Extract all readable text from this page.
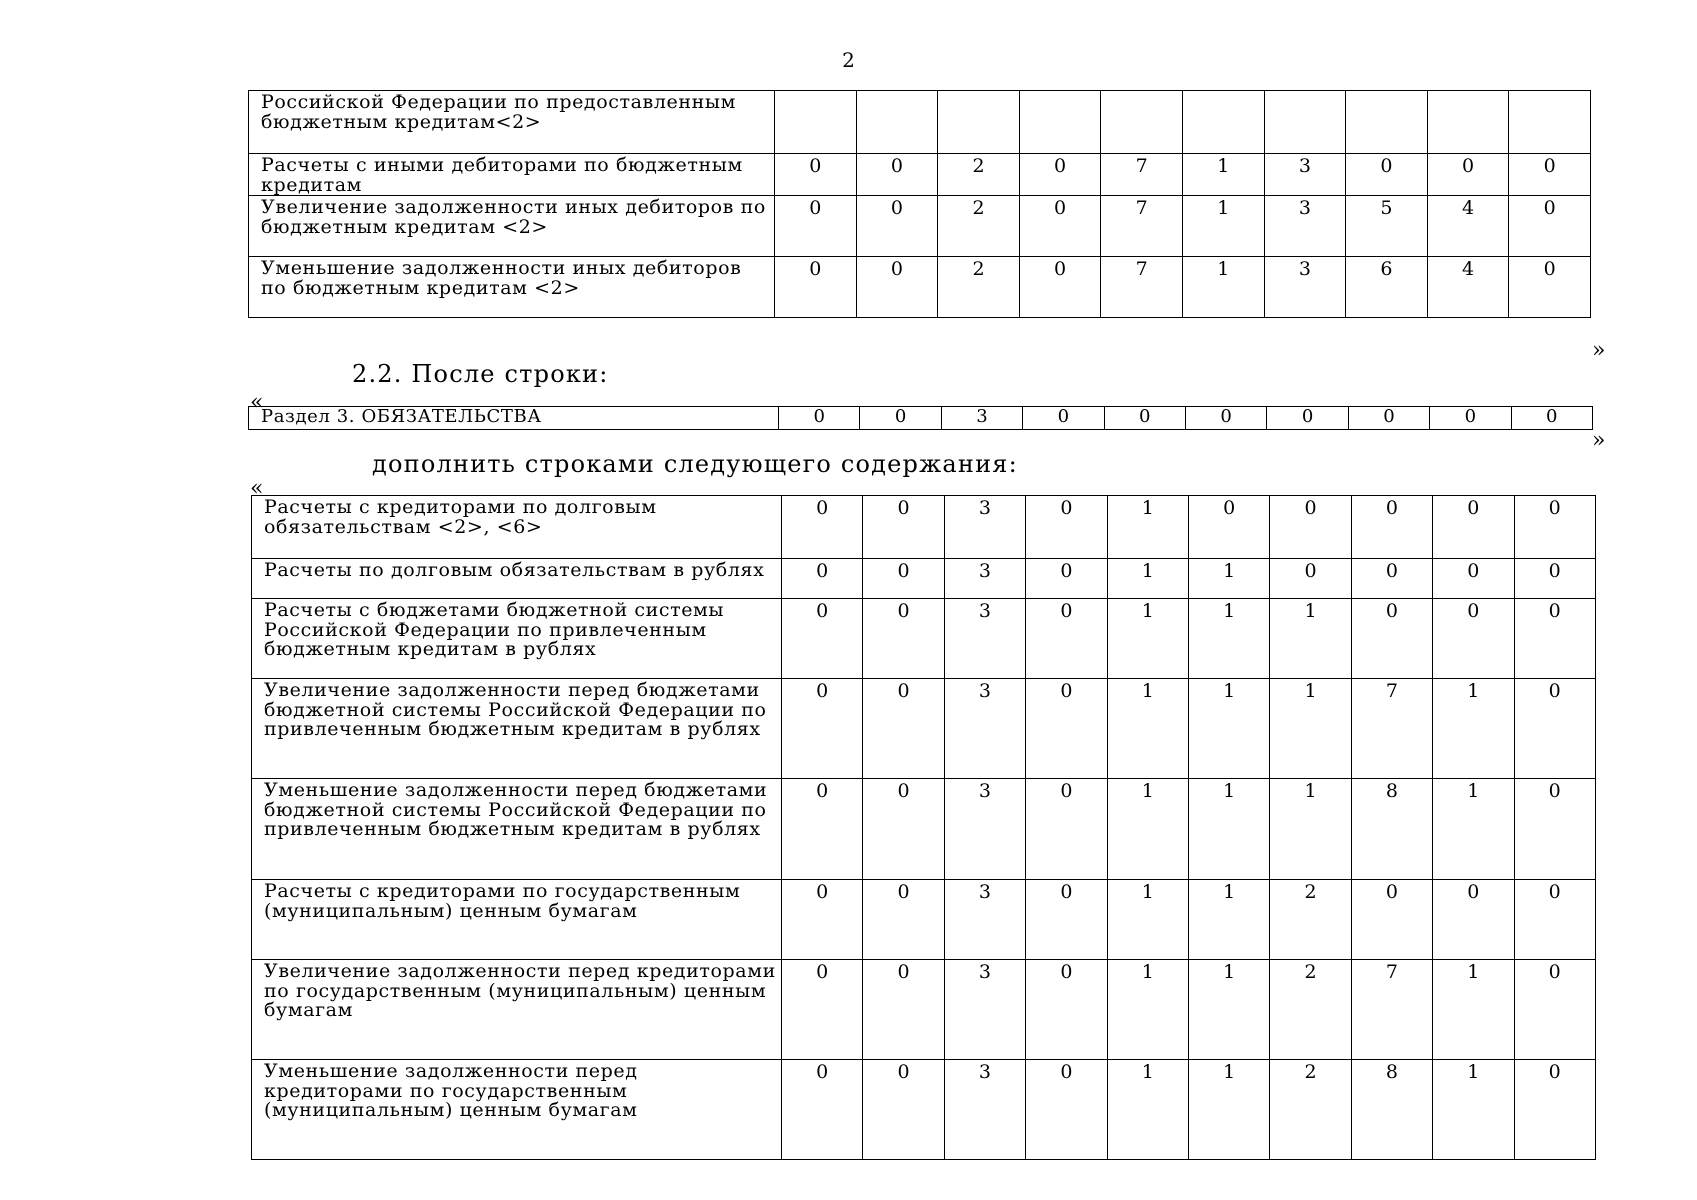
2
Российской Федерации по предоставленным бюджетным кредитам<2>										
Расчеты с иными дебиторами по бюджетным кредитам	0	0	2	0	7	1	3	0	0	0
Увеличение задолженности иных дебиторов по бюджетным кредитам <2>	0	0	2	0	7	1	3	5	4	0
Уменьшение задолженности иных дебиторов по бюджетным кредитам <2>	0	0	2	0	7	1	3	6	4	0
»
2.2. После строки:
«
Раздел 3. ОБЯЗАТЕЛЬСТВА	0	0	3	0	0	0	0	0	0	0
»
дополнить строками следующего содержания:
«
Расчеты с кредиторами по долговым обязательствам <2>, <6>	0	0	3	0	1	0	0	0	0	0
Расчеты по долговым обязательствам в рублях	0	0	3	0	1	1	0	0	0	0
Расчеты с бюджетами бюджетной системы Российской Федерации по привлеченным бюджетным кредитам в рублях	0	0	3	0	1	1	1	0	0	0
Увеличение задолженности перед бюджетами бюджетной системы Российской Федерации по привлеченным бюджетным кредитам в рублях	0	0	3	0	1	1	1	7	1	0
Уменьшение задолженности перед бюджетами бюджетной системы Российской Федерации по привлеченным бюджетным кредитам в рублях	0	0	3	0	1	1	1	8	1	0
Расчеты с кредиторами по государственным (муниципальным) ценным бумагам	0	0	3	0	1	1	2	0	0	0
Увеличение задолженности перед кредиторами по государственным (муниципальным) ценным бумагам	0	0	3	0	1	1	2	7	1	0
Уменьшение задолженности перед кредиторами по государственным (муниципальным) ценным бумагам	0	0	3	0	1	1	2	8	1	0
